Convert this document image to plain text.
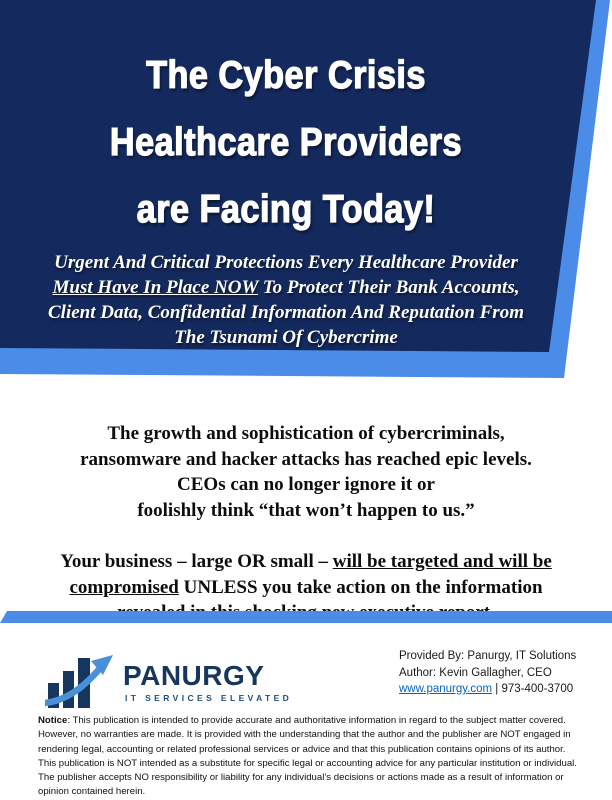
The Cyber Crisis
Healthcare Providers
are Facing Today!
Urgent And Critical Protections Every Healthcare Provider
Must Have In Place NOW To Protect Their Bank Accounts,
Client Data, Confidential Information And Reputation From
The Tsunami Of Cybercrime
The growth and sophistication of cybercriminals,
ransomware and hacker attacks has reached epic levels.
CEOs can no longer ignore it or
foolishly think “that won’t happen to us.”
Your business – large OR small – will be targeted and will be
compromised UNLESS you take action on the information
PANURGY
IT SERVICES ELEVATED
Provided By: Panurgy, IT Solutions
Author: Kevin Gallagher, CEO
www.panurgy.com | 973-400-3700
Notice: This publication is intended to provide accurate and authoritative information in regard to the subject matter covered. However, no warranties are made. It is provided with the understanding that the author and the publisher are NOT engaged in rendering legal, accounting or related professional services or advice and that this publication contains opinions of its author. This publication is NOT intended as a substitute for specific legal or accounting advice for any particular institution or individual. The publisher accepts NO responsibility or liability for any individual’s decisions or actions made as a result of information or opinion contained herein.
